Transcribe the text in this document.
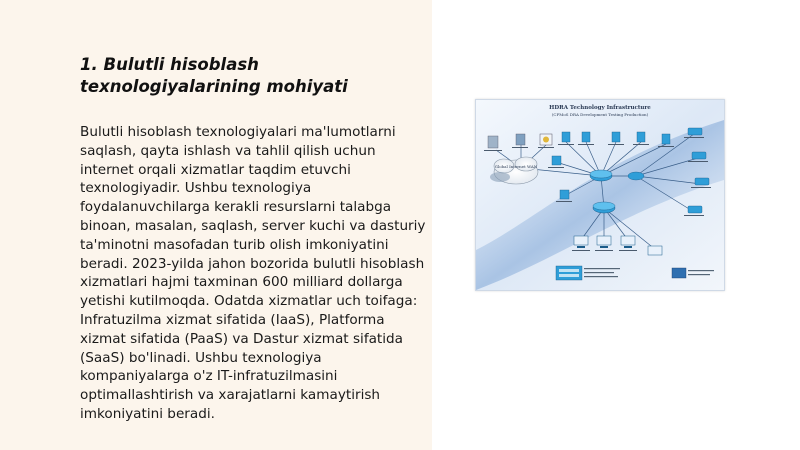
1. Bulutli hisoblash texnologiyalarining mohiyati

Bulutli hisoblash texnologiyalari ma'lumotlarni saqlash, qayta ishlash va tahlil qilish uchun internet orqali xizmatlar taqdim etuvchi texnologiyadir. Ushbu texnologiya foydalanuvchilarga kerakli resurslarni talabga binoan, masalan, saqlash, server kuchi va dasturiy ta'minotni masofadan turib olish imkoniyatini beradi. 2023-yilda jahon bozorida bulutli hisoblash xizmatlari hajmi taxminan 600 milliard dollarga yetishi kutilmoqda. Odatda xizmatlar uch toifaga: Infratuzilma xizmat sifatida (IaaS), Platforma xizmat sifatida (PaaS) va Dastur xizmat sifatida (SaaS) bo'linadi. Ushbu texnologiya kompaniyalarga o'z IT-infratuzilmasini optimallashtirish va xarajatlarni kamaytirish imkoniyatini beradi.

HDRA Technology Infrastructure
(CFMoS DRA Development Testing Production)
Global Internet WAN
